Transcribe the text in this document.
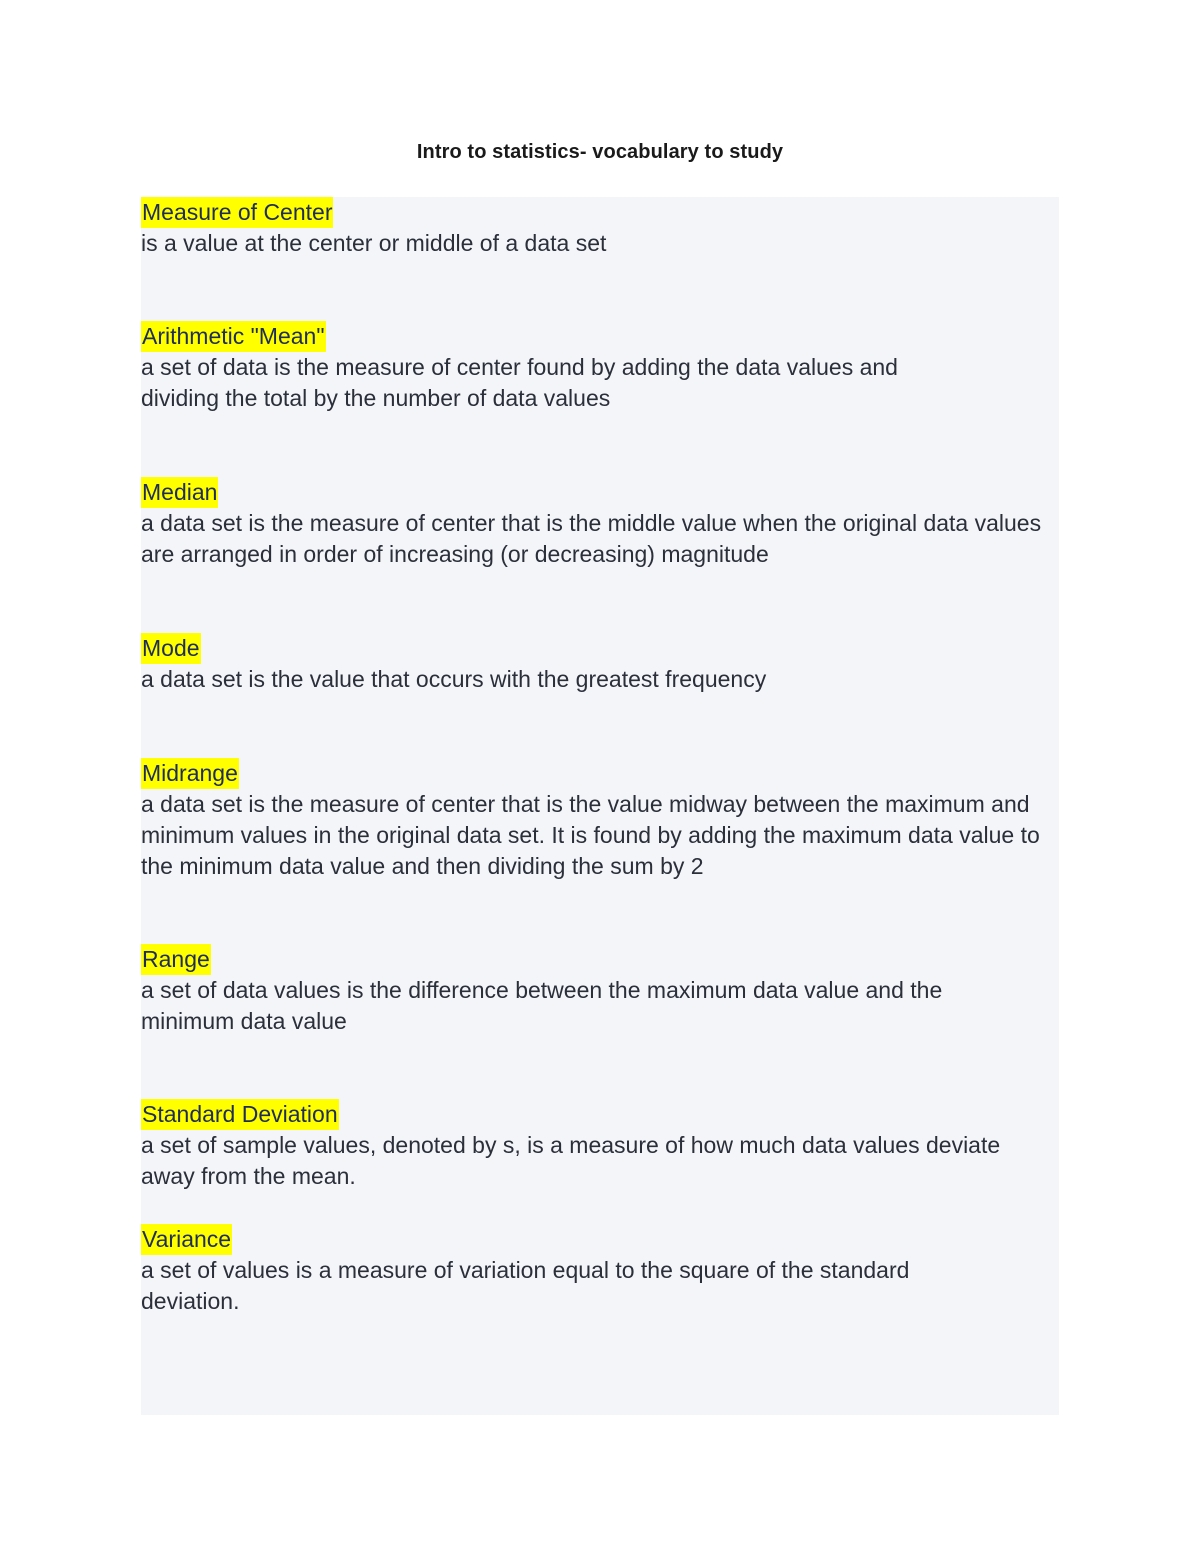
Intro to statistics- vocabulary to study
Measure of Center

is a value at the center or middle of a data set

Arithmetic "Mean"

a set of data is the measure of center found by adding the data values and dividing the total by the number of data values

Median

a data set is the measure of center that is the middle value when the original data values are arranged in order of increasing (or decreasing) magnitude

Mode

a data set is the value that occurs with the greatest frequency

Midrange

a data set is the measure of center that is the value midway between the maximum and minimum values in the original data set. It is found by adding the maximum data value to the minimum data value and then dividing the sum by 2

Range

a set of data values is the difference between the maximum data value and the minimum data value

Standard Deviation

a set of sample values, denoted by s, is a measure of how much data values deviate away from the mean.

Variance

a set of values is a measure of variation equal to the square of the standard deviation.
